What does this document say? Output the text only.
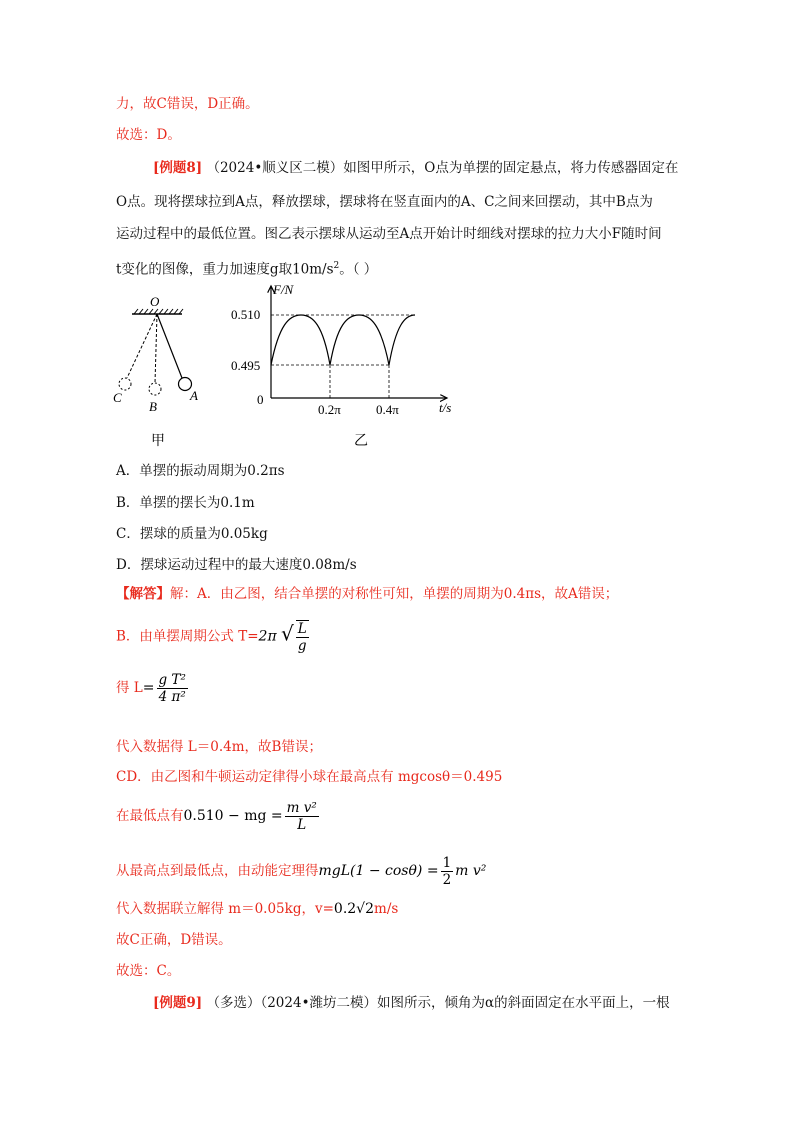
力，故C错误，D正确。
故选：D。
[例题8] （2024•顺义区二模）如图甲所示，O点为单摆的固定悬点，将力传感器固定在
O点。现将摆球拉到A点，释放摆球，摆球将在竖直面内的A、C之间来回摆动，其中B点为
运动过程中的最低位置。图乙表示摆球从运动至A点开始计时细线对摆球的拉力大小F随时间
t变化的图像，重力加速度g取$10m/s^2$。（ ）
O
A
B
C
甲
F/N
t/s
0
0.510
0.495
0.2π	0.4π
乙
A．单摆的振动周期为0.2πs
B．单摆的摆长为0.1m
C．摆球的质量为0.05kg
D．摆球运动过程中的最大速度0.08m/s
【解答】解：A．由乙图，结合单摆的对称性可知，单摆的周期为0.4πs，故A错误；
B．由单摆周期公式 T=2π √ $\frac{L}{g}$
得 $L= \frac{\text{g T²}}{\text{4 π²}}$
代入数据得 L＝0.4m，故B错误；
CD．由乙图和牛顿运动定律得小球在最高点有 mgcosθ＝0.495
在最低点有0.510 − mg = $\frac{\text{m v²}}{L}$
从最高点到最低点，由动能定理得$mgL(1 - \cos\theta) = \frac{1}{2}$ m v²
代入数据联立解得 m＝0.05kg，v=0.2√2m/s
故C正确，D错误。
故选：C。
[例题9] （多选）（2024•潍坊二模）如图所示，倾角为α的斜面固定在水平面上，一根
